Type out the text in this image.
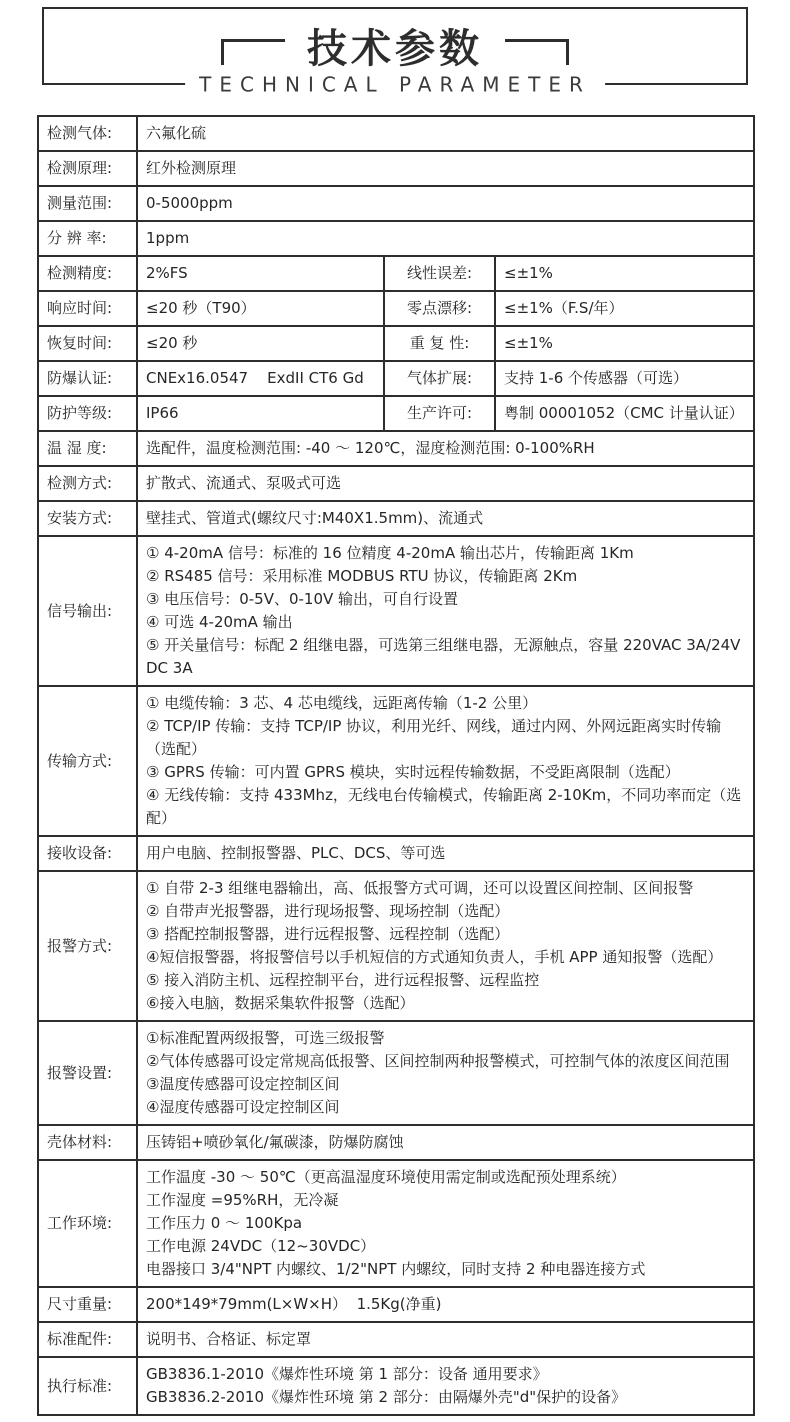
技术参数
TECHNICAL PARAMETER
检测气体:	六氟化硫		

检测原理:	红外检测原理		

测量范围:	0-5000ppm		

分 辨 率:	1ppm		

检测精度:	2%FS	线性误差:	≤±1%
响应时间:	≤20 秒（T90）	零点漂移:	≤±1%（F.S/年）
恢复时间:	≤20 秒	重 复 性:	≤±1%
防爆认证:	CNEx16.0547    ExdII CT6 Gd	气体扩展:	支持 1-6 个传感器（可选）
防护等级:	IP66	生产许可:	粤制 00001052（CMC 计量认证）
温 湿 度:	选配件，温度检测范围: -40 ～ 120℃，湿度检测范围: 0-100%RH		

检测方式:	扩散式、流通式、泵吸式可选		

安装方式:	壁挂式、管道式(螺纹尺寸:M40X1.5mm)、流通式		

信号输出:	① 4-20mA 信号：标准的 16 位精度 4-20mA 输出芯片，传输距离 1Km
② RS485 信号：采用标准 MODBUS RTU 协议，传输距离 2Km
③ 电压信号：0-5V、0-10V 输出，可自行设置
④ 可选 4-20mA 输出
⑤ 开关量信号：标配 2 组继电器，可选第三组继电器，无源触点，容量 220VAC 3A/24VDC 3A		

传输方式:	① 电缆传输：3 芯、4 芯电缆线，远距离传输（1-2 公里）
② TCP/IP 传输：支持 TCP/IP 协议，利用光纤、网线，通过内网、外网远距离实时传输（选配）
③ GPRS 传输：可内置 GPRS 模块，实时远程传输数据，不受距离限制（选配）
④ 无线传输：支持 433Mhz，无线电台传输模式，传输距离 2-10Km，不同功率而定（选配）		

接收设备:	用户电脑、控制报警器、PLC、DCS、等可选		

报警方式:	
① 自带 2-3 组继电器输出，高、低报警方式可调，还可以设置区间控制、区间报警
② 自带声光报警器，进行现场报警、现场控制（选配）
③ 搭配控制报警器，进行远程报警、远程控制（选配）
④短信报警器，将报警信号以手机短信的方式通知负责人，手机 APP 通知报警（选配）
⑤ 接入消防主机、远程控制平台，进行远程报警、远程监控
⑥接入电脑，数据采集软件报警（选配）

报警设置:	①标准配置两级报警，可选三级报警
②气体传感器可设定常规高低报警、区间控制两种报警模式，可控制气体的浓度区间范围
③温度传感器可设定控制区间
④湿度传感器可设定控制区间		

壳体材料:	压铸铝+喷砂氧化/氟碳漆，防爆防腐蚀		

工作环境:	工作温度 -30 ～ 50℃（更高温湿度环境使用需定制或选配预处理系统）
工作湿度 =95%RH，无冷凝
工作压力 0 ～ 100Kpa
工作电源 24VDC（12~30VDC）
电器接口 3/4"NPT 内螺纹、1/2"NPT 内螺纹，同时支持 2 种电器连接方式		

尺寸重量:	200*149*79mm(L×W×H）  1.5Kg(净重)		

标准配件:	说明书、合格证、标定罩		

执行标准:	GB3836.1-2010《爆炸性环境 第 1 部分：设备 通用要求》
GB3836.2-2010《爆炸性环境 第 2 部分：由隔爆外壳"d"保护的设备》		
